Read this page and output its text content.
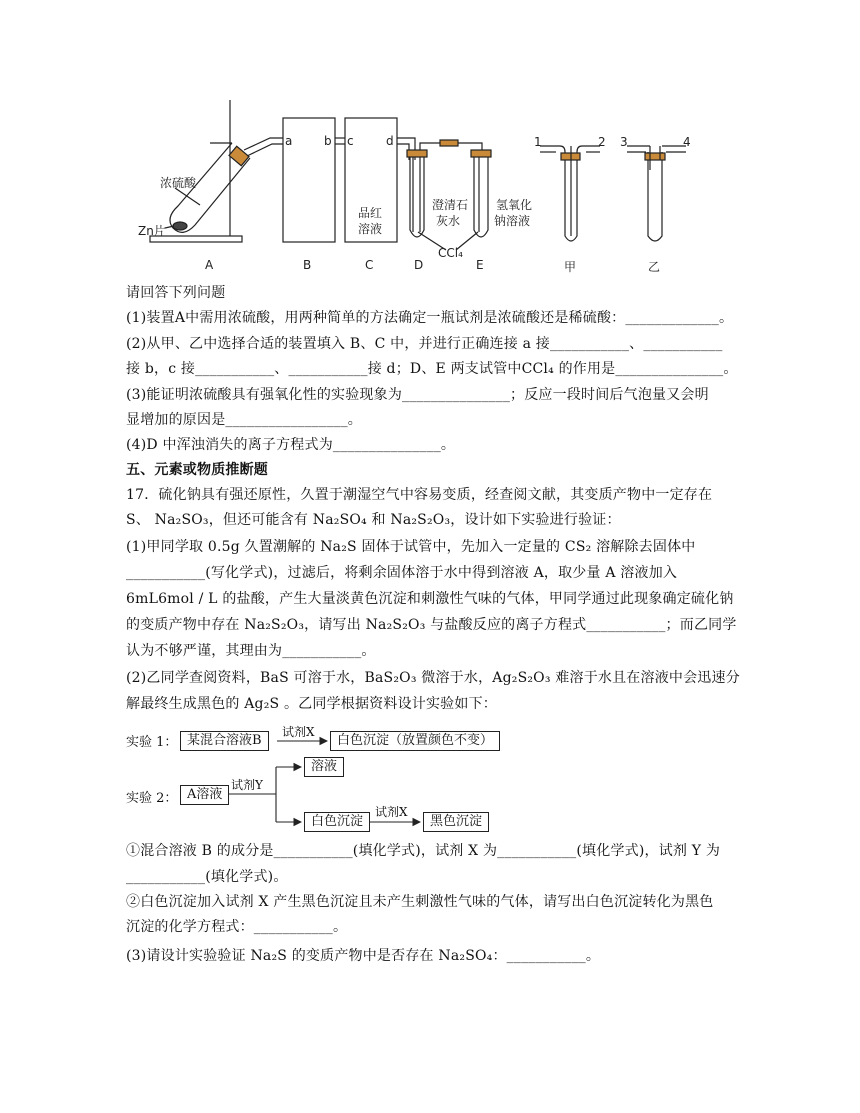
浓硫酸
Zn片
a	b c	d
品红
溶液
澄清石
灰水
氢氧化
钠溶液
CCl₄
1	2 3	4
A	B	C	D	E	甲	乙
请回答下列问题
(1)装置A中需用浓硫酸，用两种简单的方法确定一瓶试剂是浓硫酸还是稀硫酸：_____________。
(2)从甲、乙中选择合适的装置填入 B、C 中，并进行正确连接 a 接___________、___________
接 b，c 接___________、___________接 d；D、E 两支试管中CCl₄ 的作用是_______________。
(3)能证明浓硫酸具有强氧化性的实验现象为_______________；反应一段时间后气泡量又会明
显增加的原因是_________________。
(4)D 中浑浊消失的离子方程式为_______________。
五、元素或物质推断题
17．硫化钠具有强还原性，久置于潮湿空气中容易变质，经查阅文献，其变质产物中一定存在
S、 Na₂SO₃，但还可能含有 Na₂SO₄ 和 Na₂S₂O₃，设计如下实验进行验证：
(1)甲同学取 0.5g 久置潮解的 Na₂S 固体于试管中，先加入一定量的 CS₂ 溶解除去固体中
___________(写化学式)，过滤后，将剩余固体溶于水中得到溶液 A，取少量 A 溶液加入
6mL6mol / L 的盐酸，产生大量淡黄色沉淀和刺激性气味的气体，甲同学通过此现象确定硫化钠
的变质产物中存在 Na₂S₂O₃，请写出 Na₂S₂O₃ 与盐酸反应的离子方程式___________；而乙同学
认为不够严谨，其理由为___________。
(2)乙同学查阅资料，BaS 可溶于水，BaS₂O₃ 微溶于水，Ag₂S₂O₃ 难溶于水且在溶液中会迅速分
解最终生成黑色的 Ag₂S 。乙同学根据资料设计实验如下：
实验 1： 某混合溶液B
试剂X
白色沉淀（放置颜色不变）
实验 2： A溶液
试剂Y
溶液
白色沉淀
试剂X
黑色沉淀
①混合溶液 B 的成分是___________(填化学式)，试剂 X 为___________(填化学式)，试剂 Y 为
___________(填化学式)。
②白色沉淀加入试剂 X 产生黑色沉淀且未产生刺激性气味的气体，请写出白色沉淀转化为黑色
沉淀的化学方程式：___________。
(3)请设计实验验证 Na₂S 的变质产物中是否存在 Na₂SO₄：___________。
